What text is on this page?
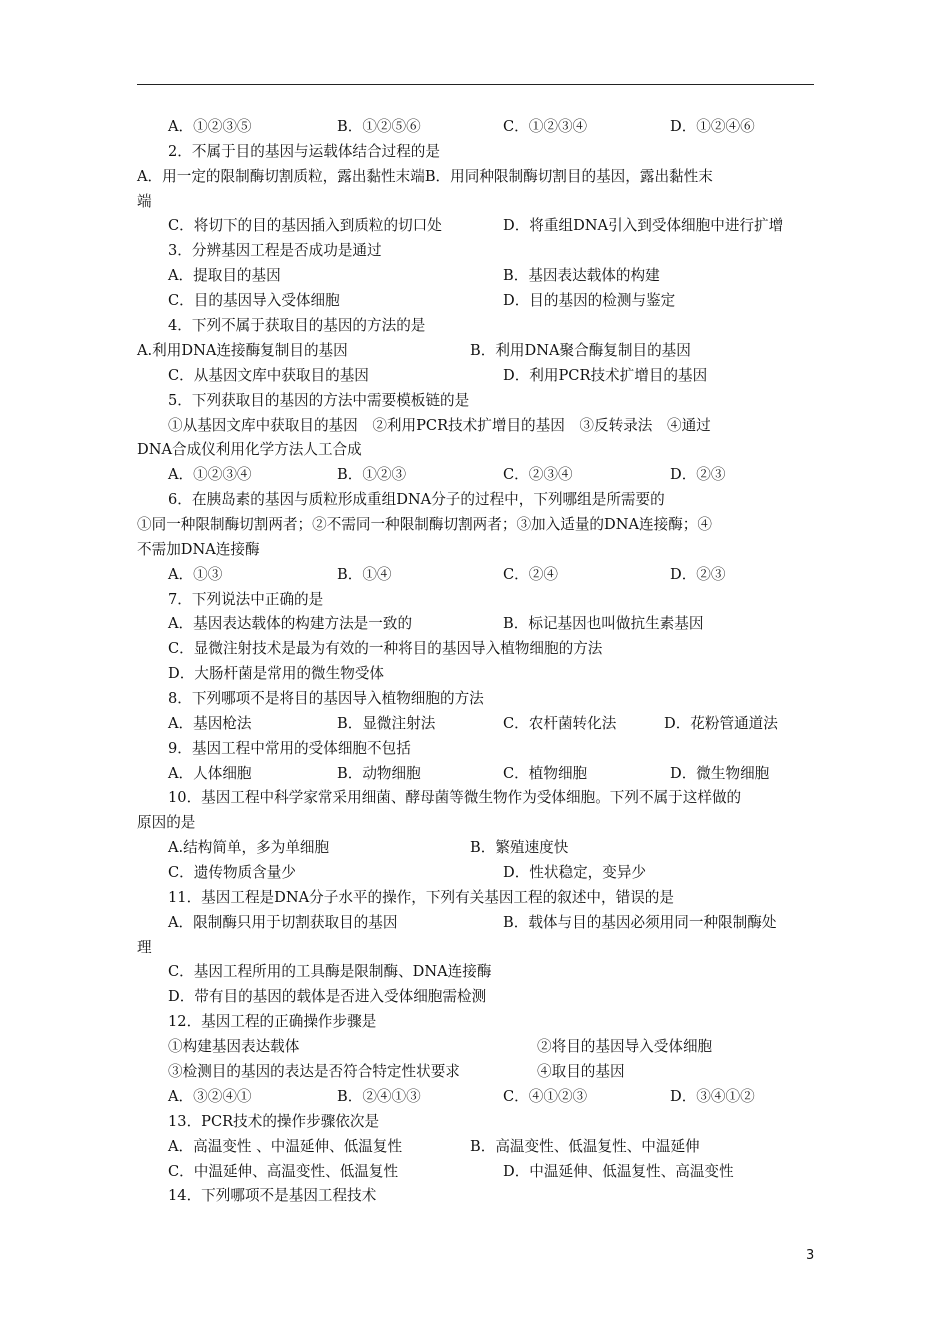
A．①②③⑤	B．①②⑤⑥	C．①②③④	D．①②④⑥
2．不属于目的基因与运载体结合过程的是
A．用一定的限制酶切割质粒，露出黏性末端B．用同种限制酶切割目的基因，露出黏性末
端
C．将切下的目的基因插入到质粒的切口处	D．将重组DNA引入到受体细胞中进行扩增
3．分辨基因工程是否成功是通过
A．提取目的基因	B．基因表达载体的构建
C．目的基因导入受体细胞	D．目的基因的检测与鉴定
4．下列不属于获取目的基因的方法的是
A.利用DNA连接酶复制目的基因	B．利用DNA聚合酶复制目的基因
C．从基因文库中获取目的基因	D．利用PCR技术扩增目的基因
5．下列获取目的基因的方法中需要模板链的是
①从基因文库中获取目的基因　②利用PCR技术扩增目的基因　③反转录法　④通过
DNA合成仪利用化学方法人工合成
A．①②③④	B．①②③	C．②③④	D．②③
6．在胰岛素的基因与质粒形成重组DNA分子的过程中，下列哪组是所需要的
①同一种限制酶切割两者；②不需同一种限制酶切割两者；③加入适量的DNA连接酶；④
不需加DNA连接酶
A．①③	B．①④	C．②④	D．②③
7．下列说法中正确的是
A．基因表达载体的构建方法是一致的	B．标记基因也叫做抗生素基因
C．显微注射技术是最为有效的一种将目的基因导入植物细胞的方法
D．大肠杆菌是常用的微生物受体
8．下列哪项不是将目的基因导入植物细胞的方法
A．基因枪法	B．显微注射法	C．农杆菌转化法	D．花粉管通道法
9．基因工程中常用的受体细胞不包括
A．人体细胞	B．动物细胞	C．植物细胞	D．微生物细胞
10．基因工程中科学家常采用细菌、酵母菌等微生物作为受体细胞。下列不属于这样做的
原因的是
A.结构简单，多为单细胞	B．繁殖速度快
C．遗传物质含量少	D．性状稳定，变异少
11．基因工程是DNA分子水平的操作，下列有关基因工程的叙述中，错误的是
A．限制酶只用于切割获取目的基因	B．载体与目的基因必须用同一种限制酶处
理
C．基因工程所用的工具酶是限制酶、DNA连接酶
D．带有目的基因的载体是否进入受体细胞需检测
12．基因工程的正确操作步骤是
①构建基因表达载体	②将目的基因导入受体细胞
③检测目的基因的表达是否符合特定性状要求	④取目的基因
A．③②④①	B．②④①③	C．④①②③	D．③④①②
13．PCR技术的操作步骤依次是
A．高温变性 、中温延伸、低温复性	B．高温变性、低温复性、中温延伸
C．中温延伸、高温变性、低温复性	D．中温延伸、低温复性、高温变性
14．下列哪项不是基因工程技术
3
